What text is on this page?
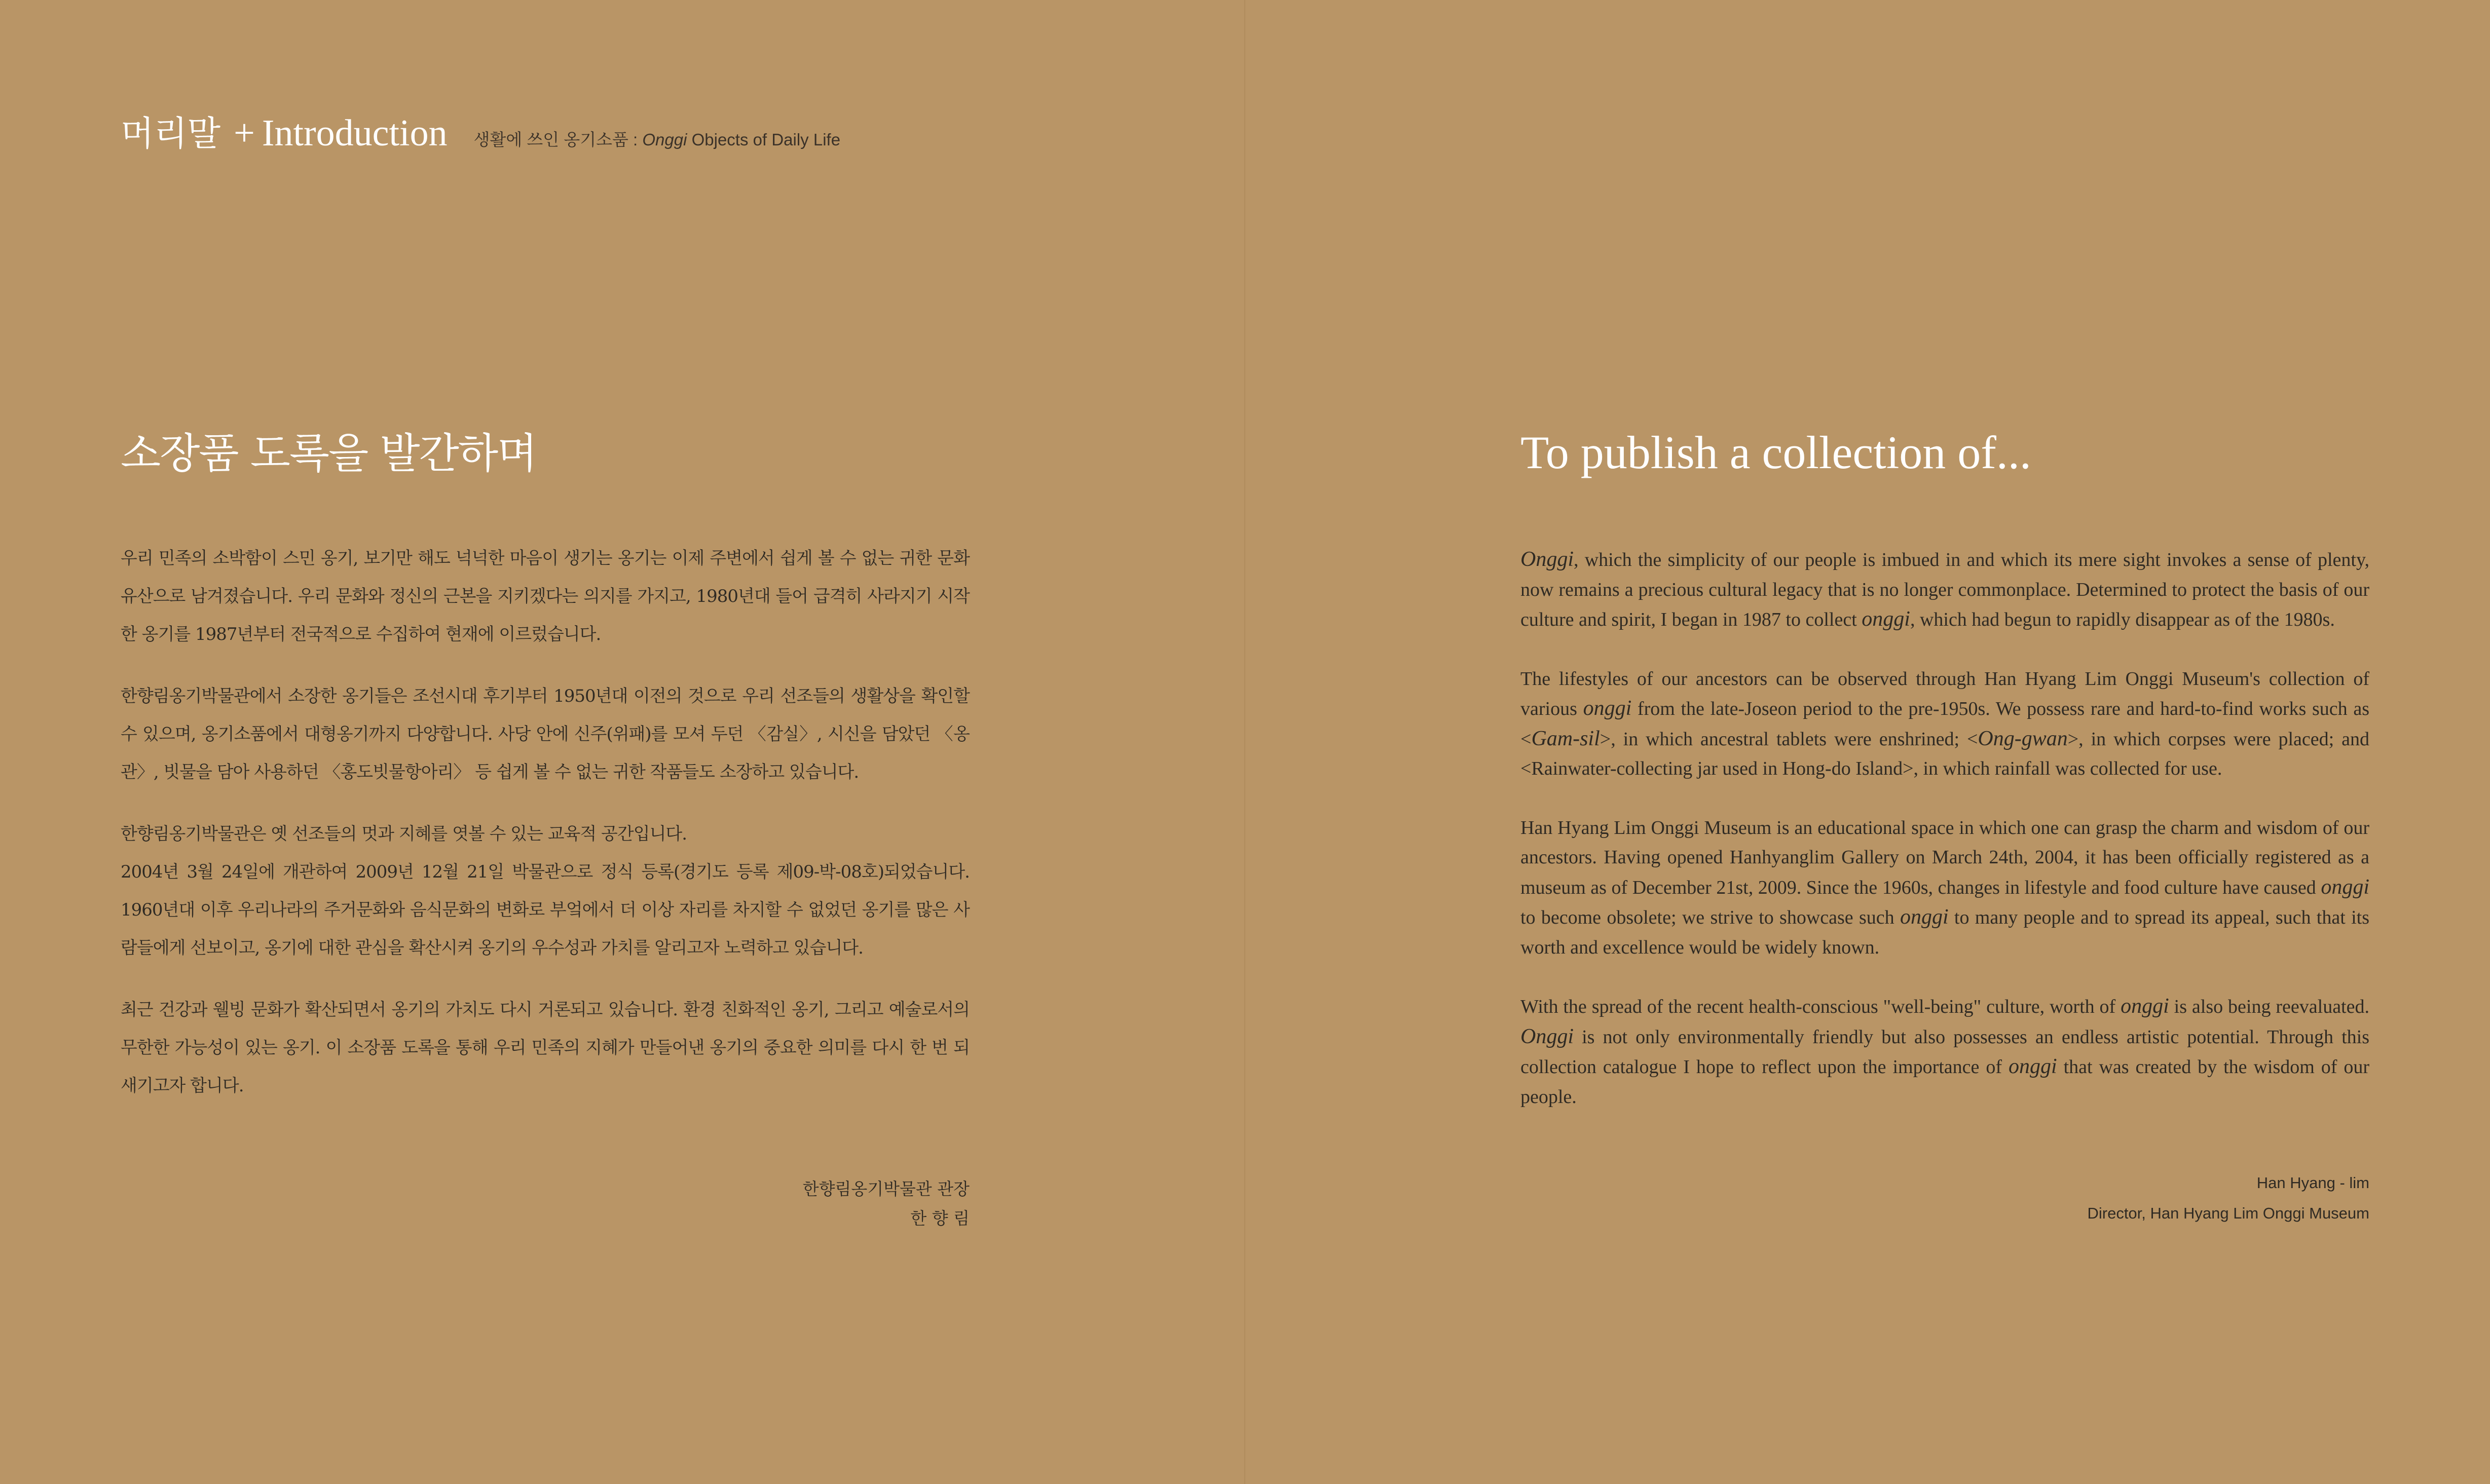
머리말 + Introduction 생활에 쓰인 옹기소품 : Onggi Objects of Daily Life
소장품 도록을 발간하며

우리 민족의 소박함이 스민 옹기, 보기만 해도 넉넉한 마음이 생기는 옹기는 이제 주변에서 쉽게 볼 수 없는 귀한 문화유산으로 남겨졌습니다. 우리 문화와 정신의 근본을 지키겠다는 의지를 가지고, 1980년대 들어 급격히 사라지기 시작한 옹기를 1987년부터 전국적으로 수집하여 현재에 이르렀습니다.

한향림옹기박물관에서 소장한 옹기들은 조선시대 후기부터 1950년대 이전의 것으로 우리 선조들의 생활상을 확인할 수 있으며, 옹기소품에서 대형옹기까지 다양합니다. 사당 안에 신주(위패)를 모셔 두던 〈감실〉, 시신을 담았던 〈옹관〉, 빗물을 담아 사용하던 〈홍도빗물항아리〉 등 쉽게 볼 수 없는 귀한 작품들도 소장하고 있습니다.

한향림옹기박물관은 옛 선조들의 멋과 지혜를 엿볼 수 있는 교육적 공간입니다.
2004년 3월 24일에 개관하여 2009년 12월 21일 박물관으로 정식 등록(경기도 등록 제09-박-08호)되었습니다. 1960년대 이후 우리나라의 주거문화와 음식문화의 변화로 부엌에서 더 이상 자리를 차지할 수 없었던 옹기를 많은 사람들에게 선보이고, 옹기에 대한 관심을 확산시켜 옹기의 우수성과 가치를 알리고자 노력하고 있습니다.

최근 건강과 웰빙 문화가 확산되면서 옹기의 가치도 다시 거론되고 있습니다. 환경 친화적인 옹기, 그리고 예술로서의 무한한 가능성이 있는 옹기. 이 소장품 도록을 통해 우리 민족의 지혜가 만들어낸 옹기의 중요한 의미를 다시 한 번 되새기고자 합니다.

한향림옹기박물관 관장
한 향 림
To publish a collection of...

Onggi, which the simplicity of our people is imbued in and which its mere sight invokes a sense of plenty, now remains a precious cultural legacy that is no longer commonplace. Determined to protect the basis of our culture and spirit, I began in 1987 to collect onggi, which had begun to rapidly disappear as of the 1980s.

The lifestyles of our ancestors can be observed through Han Hyang Lim Onggi Museum's collection of various onggi from the late-Joseon period to the pre-1950s. We possess rare and hard-to-find works such as <Gam-sil>, in which ancestral tablets were enshrined; <Ong-gwan>, in which corpses were placed; and <Rainwater-collecting jar used in Hong-do Island>, in which rainfall was collected for use.

Han Hyang Lim Onggi Museum is an educational space in which one can grasp the charm and wisdom of our ancestors. Having opened Hanhyanglim Gallery on March 24th, 2004, it has been officially registered as a museum as of December 21st, 2009. Since the 1960s, changes in lifestyle and food culture have caused onggi to become obsolete; we strive to showcase such onggi to many people and to spread its appeal, such that its worth and excellence would be widely known.

With the spread of the recent health-conscious "well-being" culture, worth of onggi is also being reevaluated. Onggi is not only environmentally friendly but also possesses an endless artistic potential. Through this collection catalogue I hope to reflect upon the importance of onggi that was created by the wisdom of our people.

Han Hyang - lim
Director, Han Hyang Lim Onggi Museum
